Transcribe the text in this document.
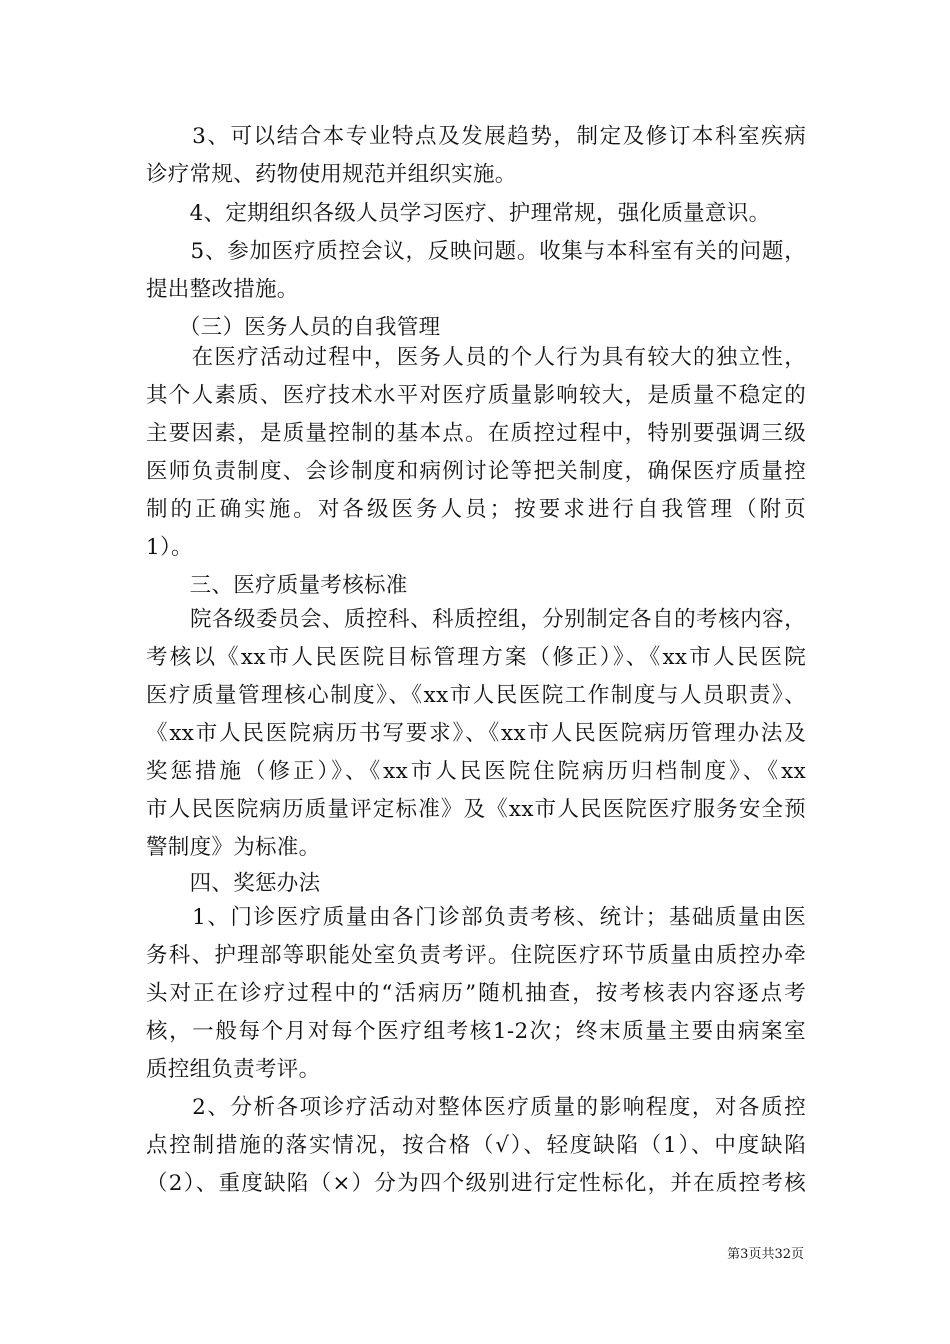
　　3、可以结合本专业特点及发展趋势，制定及修订本科室疾病
诊疗常规、药物使用规范并组织实施。
　　4、定期组织各级人员学习医疗、护理常规，强化质量意识。
　　5、参加医疗质控会议，反映问题。收集与本科室有关的问题，
提出整改措施。
　　（三）医务人员的自我管理
　　在医疗活动过程中，医务人员的个人行为具有较大的独立性，
其个人素质、医疗技术水平对医疗质量影响较大，是质量不稳定的
主要因素，是质量控制的基本点。在质控过程中，特别要强调三级
医师负责制度、会诊制度和病例讨论等把关制度，确保医疗质量控
制的正确实施。对各级医务人员；按要求进行自我管理（附页
1）。
　　三、医疗质量考核标准
　　院各级委员会、质控科、科质控组，分别制定各自的考核内容，
考核以《xx市人民医院目标管理方案（修正）》、《xx市人民医院
医疗质量管理核心制度》、《xx市人民医院工作制度与人员职责》、
《xx市人民医院病历书写要求》、《xx市人民医院病历管理办法及
奖惩措施（修正）》、《xx市人民医院住院病历归档制度》、《xx
市人民医院病历质量评定标准》及《xx市人民医院医疗服务安全预
警制度》为标准。
　　四、奖惩办法
　　1、门诊医疗质量由各门诊部负责考核、统计；基础质量由医
务科、护理部等职能处室负责考评。住院医疗环节质量由质控办牵
头对正在诊疗过程中的“活病历”随机抽查，按考核表内容逐点考
核，一般每个月对每个医疗组考核1-2次；终末质量主要由病案室
质控组负责考评。
　　2、分析各项诊疗活动对整体医疗质量的影响程度，对各质控
点控制措施的落实情况，按合格（√）、轻度缺陷（1）、中度缺陷
（2）、重度缺陷（×）分为四个级别进行定性标化，并在质控考核
第3页共32页
